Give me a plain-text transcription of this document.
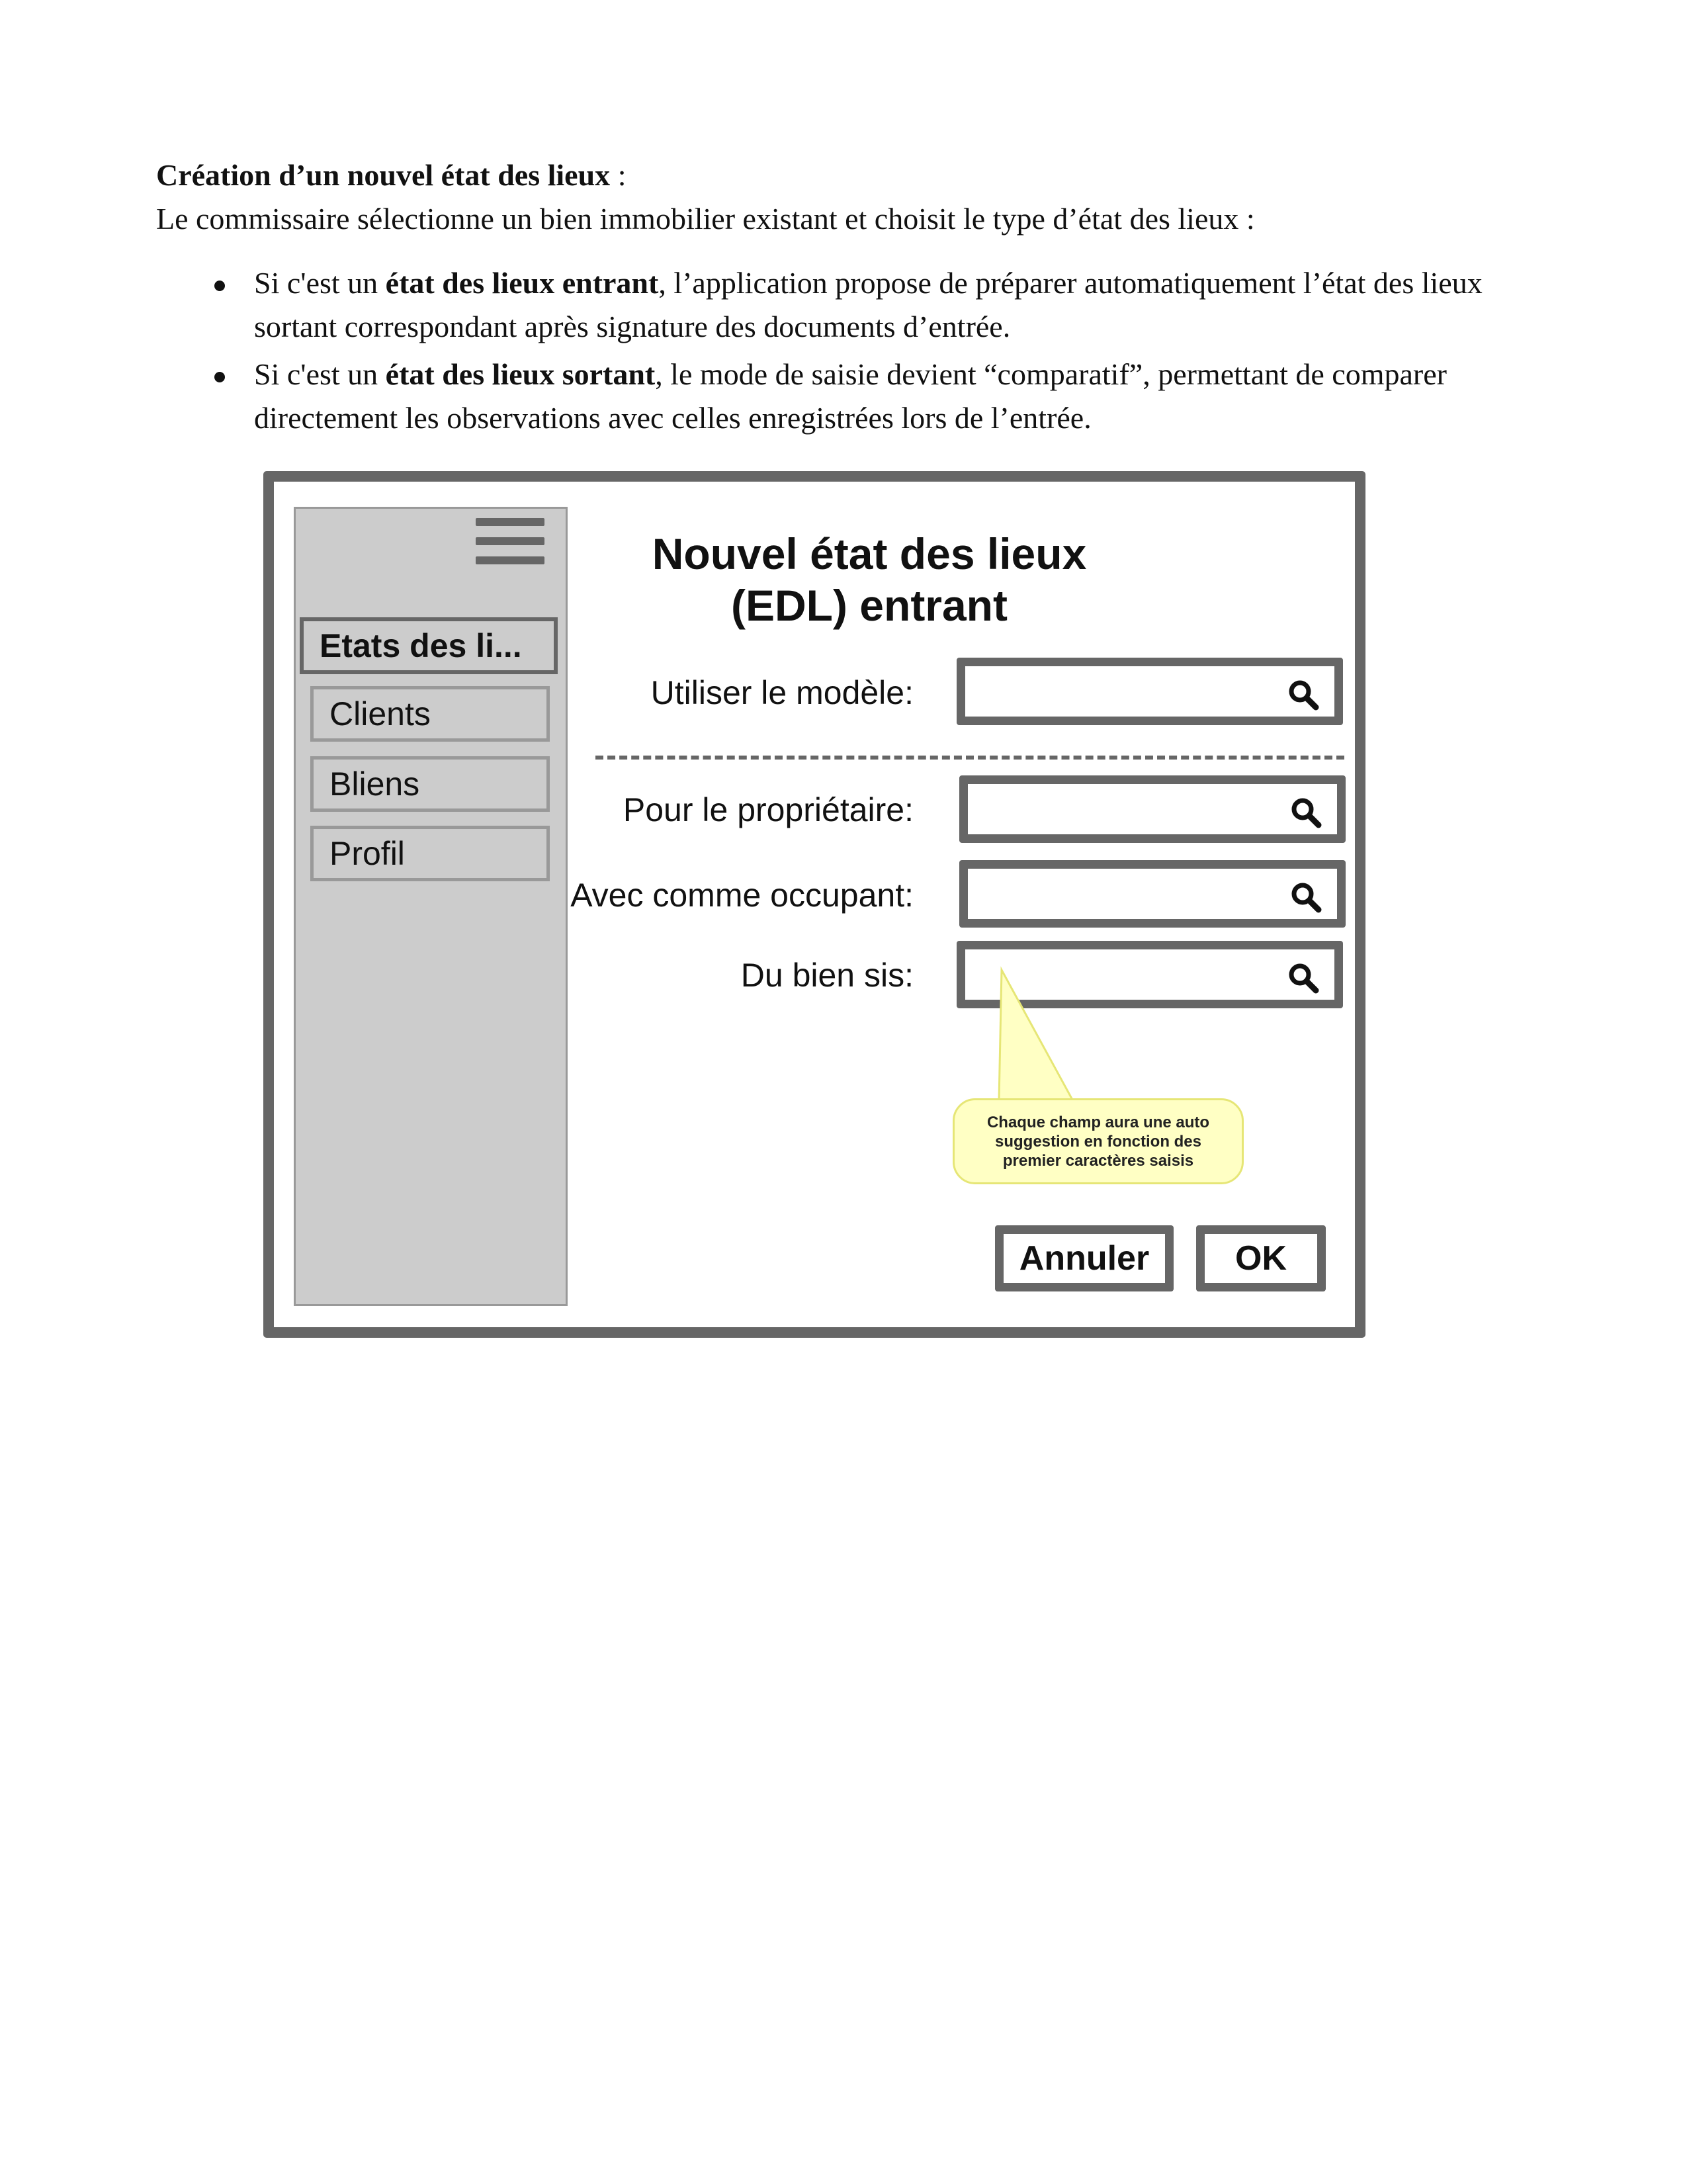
Création d’un nouvel état des lieux :
Le commissaire sélectionne un bien immobilier existant et choisit le type d’état des lieux :
Si c'est un état des lieux entrant, l’application propose de préparer automatiquement l’état des lieux sortant correspondant après signature des documents d’entrée.
Si c'est un état des lieux sortant, le mode de saisie devient “comparatif”, permettant de comparer directement les observations avec celles enregistrées lors de l’entrée.
Etats des li...
Clients
Bliens
Profil
Nouvel état des lieux (EDL) entrant
Utiliser le modèle:
Pour le propriétaire:
Avec comme occupant:
Du bien sis:
Chaque champ aura une auto suggestion en fonction des premier caractères saisis
Annuler	OK
